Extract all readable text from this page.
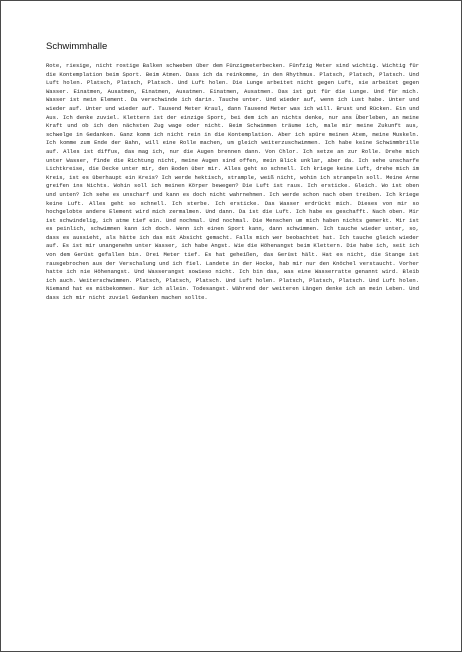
Schwimmhalle

Rote, riesige, nicht rostige Balken schweben über dem Fünzigmeterbecken. Fünfzig Meter sind wichtig. Wichtig für die Kontemplation beim Sport. Beim Atmen. Dass ich da reinkomme, in den Rhythmus. Platsch, Platsch, Platsch. Und Luft holen. Platsch, Platsch, Platsch. Und Luft holen. Die Lunge arbeitet nicht gegen Luft, sie arbeitet gegen Wasser. Einatmen, Ausatmen, Einatmen, Ausatmen. Einatmen, Ausatmen. Das ist gut für die Lunge. Und für mich. Wasser ist mein Element. Da verschwinde ich darin. Tauche unter. Und wieder auf, wenn ich Lust habe. Unter und wieder auf. Unter und wieder auf. Tausend Meter Kraul, dann Tausend Meter was ich will. Brust und Rücken. Ein und Aus. Ich denke zuviel. Klettern ist der einzige Sport, bei dem ich an nichts denke, nur ans Überleben, an meine Kraft und ob ich den nächsten Zug wage oder nicht. Beim Schwimmen träume ich, male mir meine Zukunft aus, schwelge in Gedanken. Ganz komm ich nicht rein in die Kontemplation. Aber ich spüre meinen Atem, meine Muskeln. Ich komme zum Ende der Bahn, will eine Rolle machen, um gleich weiterzuschwimmen. Ich habe keine Schwimmbrille auf. Alles ist diffus, das mag ich, nur die Augen brennen dann. Von Chlor. Ich setze an zur Rolle. Drehe mich unter Wasser, finde die Richtung nicht, meine Augen sind offen, mein Blick unklar, aber da. Ich sehe unscharfe Lichtkreise, die Decke unter mir, den Boden über mir. Alles geht so schnell. Ich kriege keine Luft, drehe mich im Kreis, ist es überhaupt ein Kreis? Ich werde hektisch, strample, weiß nicht, wohin ich strampeln soll. Meine Arme greifen ins Nichts. Wohin soll ich meinen Körper bewegen? Die Luft ist raus. Ich ersticke. Gleich. Wo ist oben und unten? Ich sehe es unscharf und kann es doch nicht wahrnehmen. Ich werde schon nach oben treiben. Ich kriege keine Luft. Alles geht so schnell. Ich sterbe. Ich ersticke. Das Wasser erdrückt mich. Dieses von mir so hochgelobte andere Element wird mich zermalmen. Und dann. Da ist die Luft. Ich habe es geschafft. Nach oben. Mir ist schwindelig, ich atme tief ein. Und nochmal. Und nochmal. Die Menschen um mich haben nichts gemerkt. Mir ist es peinlich, schwimmen kann ich doch. Wenn ich einen Sport kann, dann schwimmen. Ich tauche wieder unter, so, dass es aussieht, als hätte ich das mit Absicht gemacht. Falls mich wer beobachtet hat. Ich tauche gleich wieder auf. Es ist mir unangenehm unter Wasser, ich habe Angst. Wie die Höhenangst beim Klettern. Die habe ich, seit ich von dem Gerüst gefallen bin. Drei Meter tief. Es hat geheißen, das Gerüst hält. Hat es nicht, die Stange ist rausgebrochen aus der Verschalung und ich fiel. Landete in der Hocke, hab mir nur den Knöchel verstaucht. Vorher hatte ich nie Höhenangst. Und Wasserangst sowieso nicht. Ich bin das, was eine Wasserratte genannt wird. Bleib ich auch. Weiterschwimmen. Platsch, Platsch, Platsch. Und Luft holen. Platsch, Platsch, Platsch. Und Luft holen. Niemand hat es mitbekommen. Nur ich allein. Todesangst. Während der weiteren Längen denke ich an mein Leben. Und dass ich mir nicht zuviel Gedanken machen sollte.
